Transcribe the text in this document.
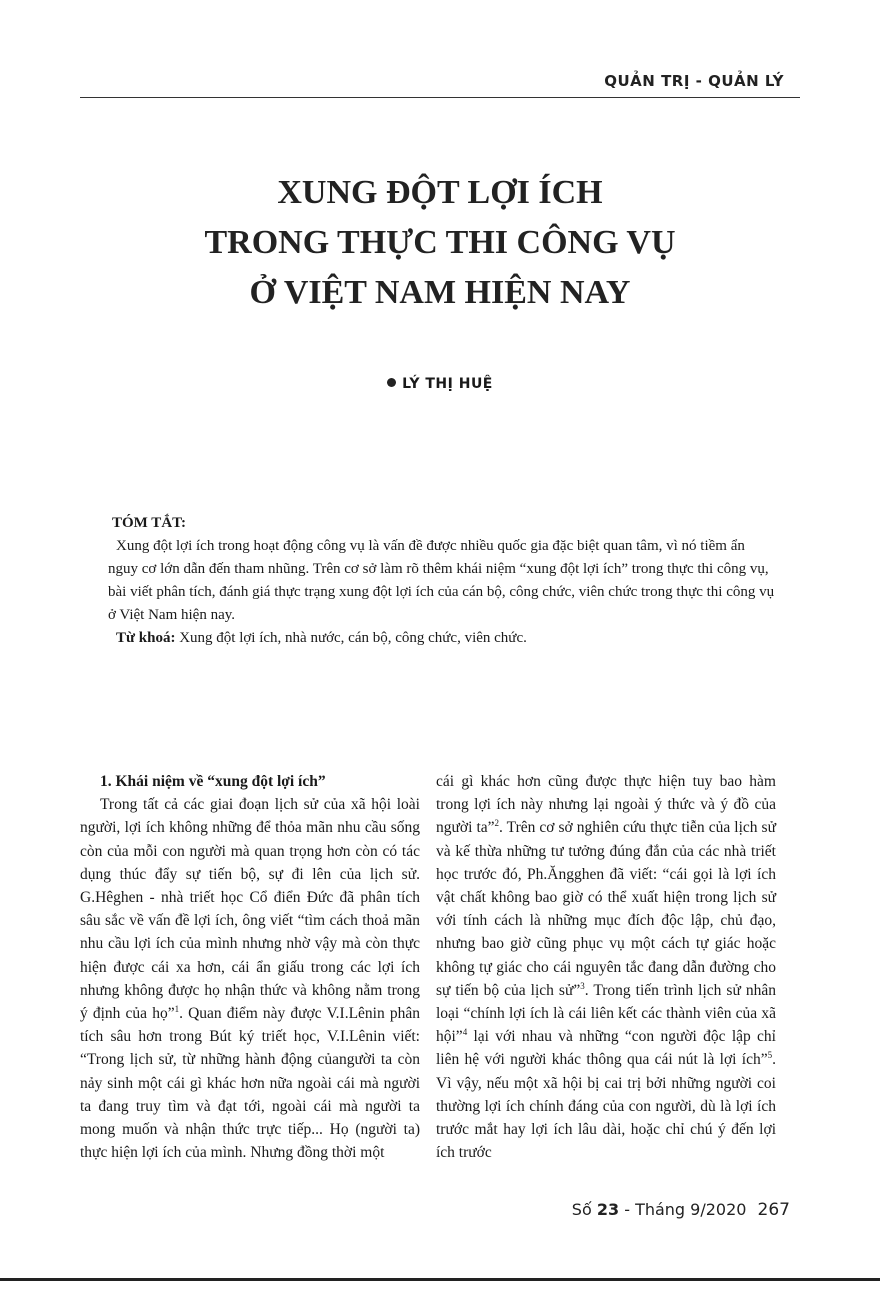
QUẢN TRỊ - QUẢN LÝ
XUNG ĐỘT LỢI ÍCH
TRONG THỰC THI CÔNG VỤ
Ở VIỆT NAM HIỆN NAY
LÝ THỊ HUỆ
TÓM TẮT:

Xung đột lợi ích trong hoạt động công vụ là vấn đề được nhiều quốc gia đặc biệt quan tâm, vì nó tiềm ẩn nguy cơ lớn dẫn đến tham nhũng. Trên cơ sở làm rõ thêm khái niệm “xung đột lợi ích” trong thực thi công vụ, bài viết phân tích, đánh giá thực trạng xung đột lợi ích của cán bộ, công chức, viên chức trong thực thi công vụ ở Việt Nam hiện nay.

Từ khoá: Xung đột lợi ích, nhà nước, cán bộ, công chức, viên chức.

1. Khái niệm về “xung đột lợi ích”

Trong tất cả các giai đoạn lịch sử của xã hội loài người, lợi ích không những để thỏa mãn nhu cầu sống còn của mỗi con người mà quan trọng hơn còn có tác dụng thúc đẩy sự tiến bộ, sự đi lên của lịch sử. G.Hêghen - nhà triết học Cổ điển Đức đã phân tích sâu sắc về vấn đề lợi ích, ông viết “tìm cách thoả mãn nhu cầu lợi ích của mình nhưng nhờ vậy mà còn thực hiện được cái xa hơn, cái ẩn giấu trong các lợi ích nhưng không được họ nhận thức và không nằm trong ý định của họ”$^1$. Quan điểm này được V.I.Lênin phân tích sâu hơn trong Bút ký triết học, V.I.Lênin viết: “Trong lịch sử, từ những hành động củangười ta còn nảy sinh một cái gì khác hơn nữa ngoài cái mà người ta đang truy tìm và đạt tới, ngoài cái mà người ta mong muốn và nhận thức trực tiếp... Họ (người ta) thực hiện lợi ích của mình. Nhưng đồng thời một

cái gì khác hơn cũng được thực hiện tuy bao hàm trong lợi ích này nhưng lại ngoài ý thức và ý đồ của người ta”$^2$. Trên cơ sở nghiên cứu thực tiễn của lịch sử và kế thừa những tư tưởng đúng đắn của các nhà triết học trước đó, Ph.Ăngghen đã viết: “cái gọi là lợi ích vật chất không bao giờ có thể xuất hiện trong lịch sử với tính cách là những mục đích độc lập, chủ đạo, nhưng bao giờ cũng phục vụ một cách tự giác hoặc không tự giác cho cái nguyên tắc đang dẫn đường cho sự tiến bộ của lịch sử”$^3$. Trong tiến trình lịch sử nhân loại “chính lợi ích là cái liên kết các thành viên của xã hội”$^4$ lại với nhau và những “con người độc lập chỉ liên hệ với người khác thông qua cái nút là lợi ích”$^5$. Vì vậy, nếu một xã hội bị cai trị bởi những người coi thường lợi ích chính đáng của con người, dù là lợi ích trước mắt hay lợi ích lâu dài, hoặc chỉ chú ý đến lợi ích trước

Số 23 - Tháng 9/2020 267
